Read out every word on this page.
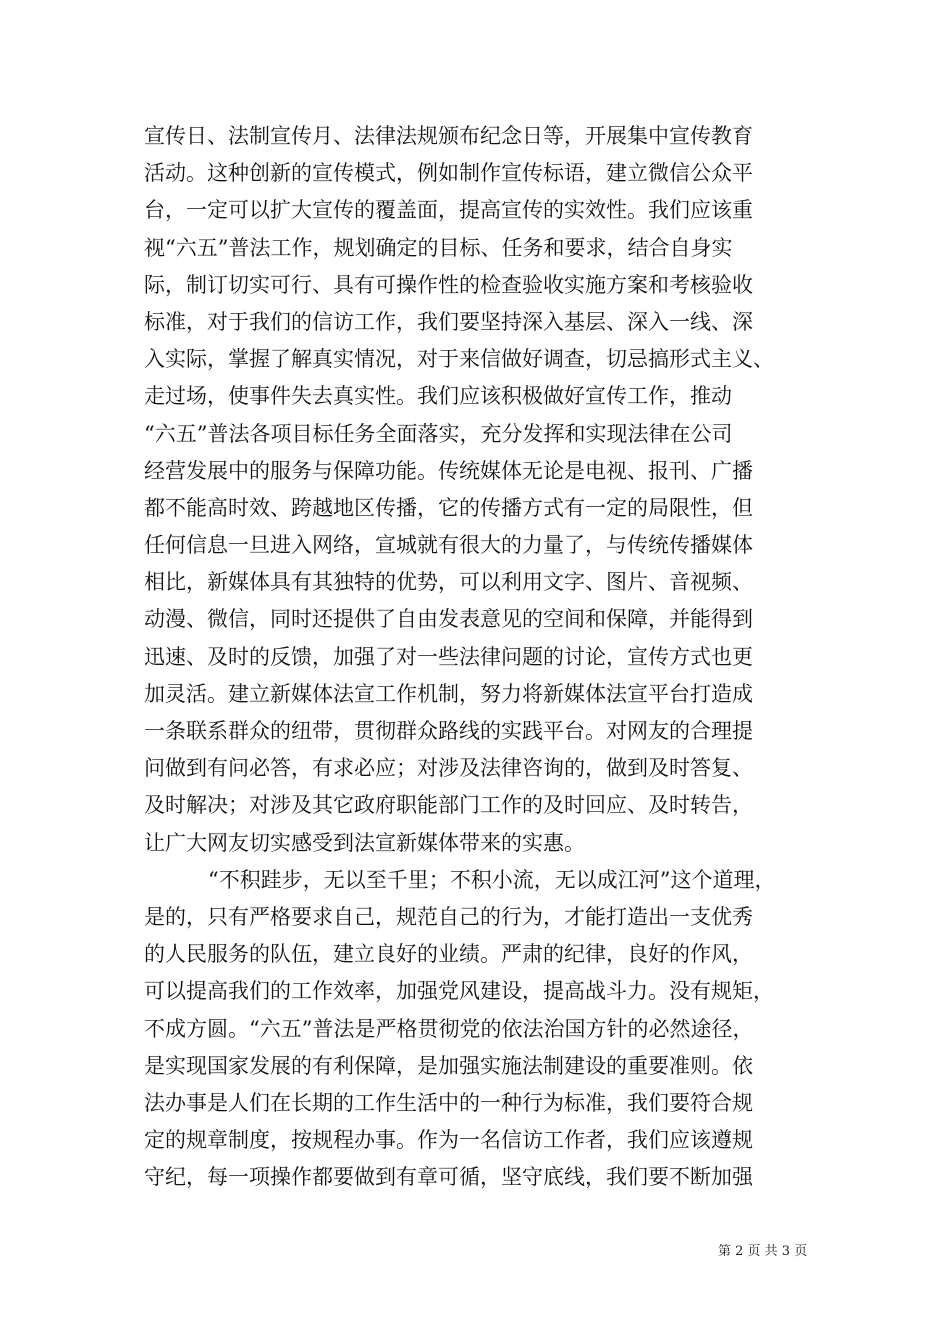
宣传日、法制宣传月、法律法规颁布纪念日等，开展集中宣传教育
活动。这种创新的宣传模式，例如制作宣传标语，建立微信公众平
台，一定可以扩大宣传的覆盖面，提高宣传的实效性。我们应该重
视“六五”普法工作，规划确定的目标、任务和要求，结合自身实
际，制订切实可行、具有可操作性的检查验收实施方案和考核验收
标准，对于我们的信访工作，我们要坚持深入基层、深入一线、深
入实际，掌握了解真实情况，对于来信做好调查，切忌搞形式主义、
走过场，使事件失去真实性。我们应该积极做好宣传工作，推动
“六五”普法各项目标任务全面落实，充分发挥和实现法律在公司
经营发展中的服务与保障功能。传统媒体无论是电视、报刊、广播
都不能高时效、跨越地区传播，它的传播方式有一定的局限性，但
任何信息一旦进入网络，宣城就有很大的力量了，与传统传播媒体
相比，新媒体具有其独特的优势，可以利用文字、图片、音视频、
动漫、微信，同时还提供了自由发表意见的空间和保障，并能得到
迅速、及时的反馈，加强了对一些法律问题的讨论，宣传方式也更
加灵活。建立新媒体法宣工作机制，努力将新媒体法宣平台打造成
一条联系群众的纽带，贯彻群众路线的实践平台。对网友的合理提
问做到有问必答，有求必应；对涉及法律咨询的，做到及时答复、
及时解决；对涉及其它政府职能部门工作的及时回应、及时转告，
让广大网友切实感受到法宣新媒体带来的实惠。
“不积跬步，无以至千里；不积小流，无以成江河”这个道理，
是的，只有严格要求自己，规范自己的行为，才能打造出一支优秀
的人民服务的队伍，建立良好的业绩。严肃的纪律，良好的作风，
可以提高我们的工作效率，加强党风建设，提高战斗力。没有规矩，
不成方圆。“六五”普法是严格贯彻党的依法治国方针的必然途径，
是实现国家发展的有利保障，是加强实施法制建设的重要准则。依
法办事是人们在长期的工作生活中的一种行为标准，我们要符合规
定的规章制度，按规程办事。作为一名信访工作者，我们应该遵规
守纪，每一项操作都要做到有章可循，坚守底线，我们要不断加强
第 2 页 共 3 页
